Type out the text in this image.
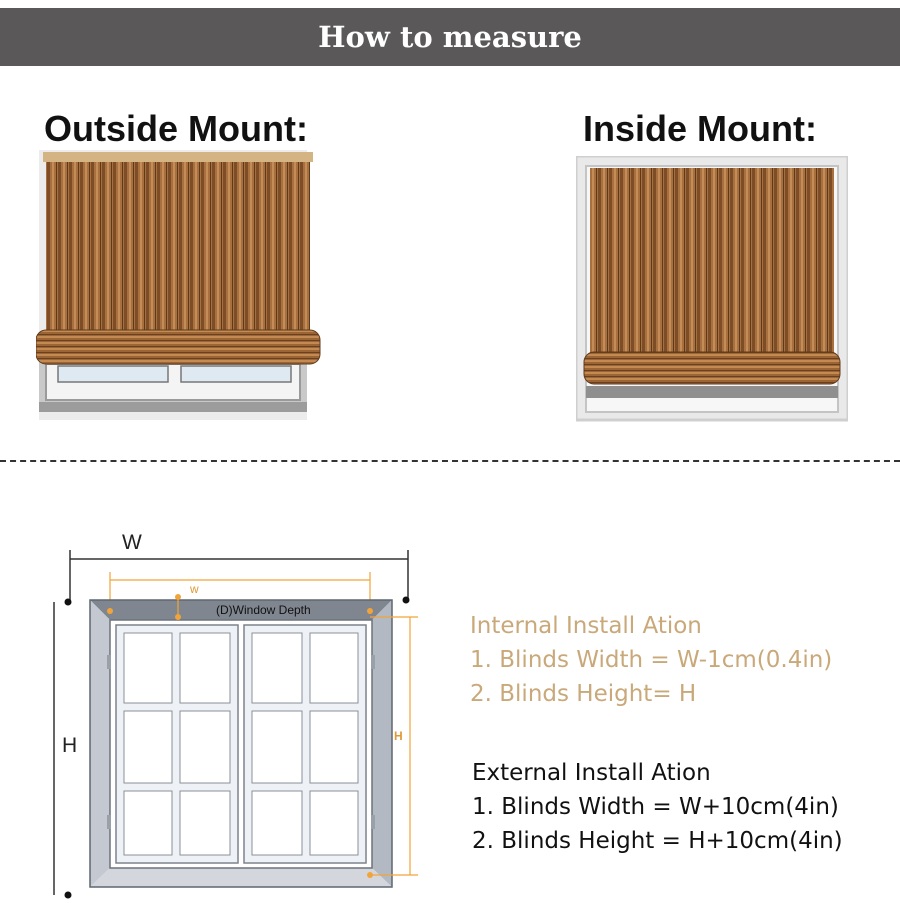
How to measure
Outside Mount:	Inside Mount:
W
H
w
(D)Window Depth
H
Internal Install Ation
1. Blinds Width = W-1cm(0.4in)
2. Blinds Height= H
External Install Ation
1. Blinds Width = W+10cm(4in)
2. Blinds Height = H+10cm(4in)
